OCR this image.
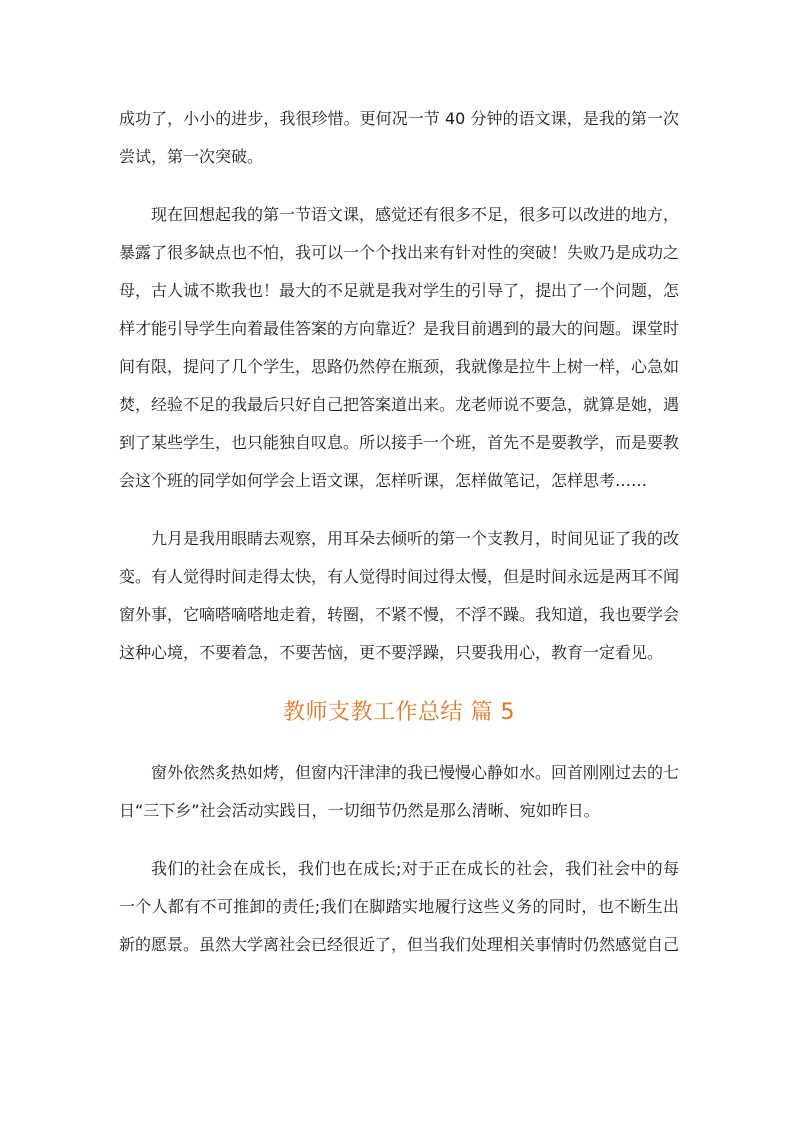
成功了，小小的进步，我很珍惜。更何况一节 40 分钟的语文课，是我的第一次尝试，第一次突破。

现在回想起我的第一节语文课，感觉还有很多不足，很多可以改进的地方，暴露了很多缺点也不怕，我可以一个个找出来有针对性的突破！失败乃是成功之母，古人诚不欺我也！最大的不足就是我对学生的引导了，提出了一个问题，怎样才能引导学生向着最佳答案的方向靠近？是我目前遇到的最大的问题。课堂时间有限，提问了几个学生，思路仍然停在瓶颈，我就像是拉牛上树一样，心急如焚，经验不足的我最后只好自己把答案道出来。龙老师说不要急，就算是她，遇到了某些学生，也只能独自叹息。所以接手一个班，首先不是要教学，而是要教会这个班的同学如何学会上语文课，怎样听课，怎样做笔记，怎样思考……

九月是我用眼睛去观察，用耳朵去倾听的第一个支教月，时间见证了我的改变。有人觉得时间走得太快，有人觉得时间过得太慢，但是时间永远是两耳不闻窗外事，它嘀嗒嘀嗒地走着，转圈，不紧不慢，不浮不躁。我知道，我也要学会这种心境，不要着急，不要苦恼，更不要浮躁，只要我用心，教育一定看见。

教师支教工作总结 篇 5

窗外依然炙热如烤，但窗内汗津津的我已慢慢心静如水。回首刚刚过去的七日“三下乡”社会活动实践日，一切细节仍然是那么清晰、宛如昨日。

我们的社会在成长，我们也在成长;对于正在成长的社会，我们社会中的每一个人都有不可推卸的责任;我们在脚踏实地履行这些义务的同时，也不断生出新的愿景。虽然大学离社会已经很近了，但当我们处理相关事情时仍然感觉自己
